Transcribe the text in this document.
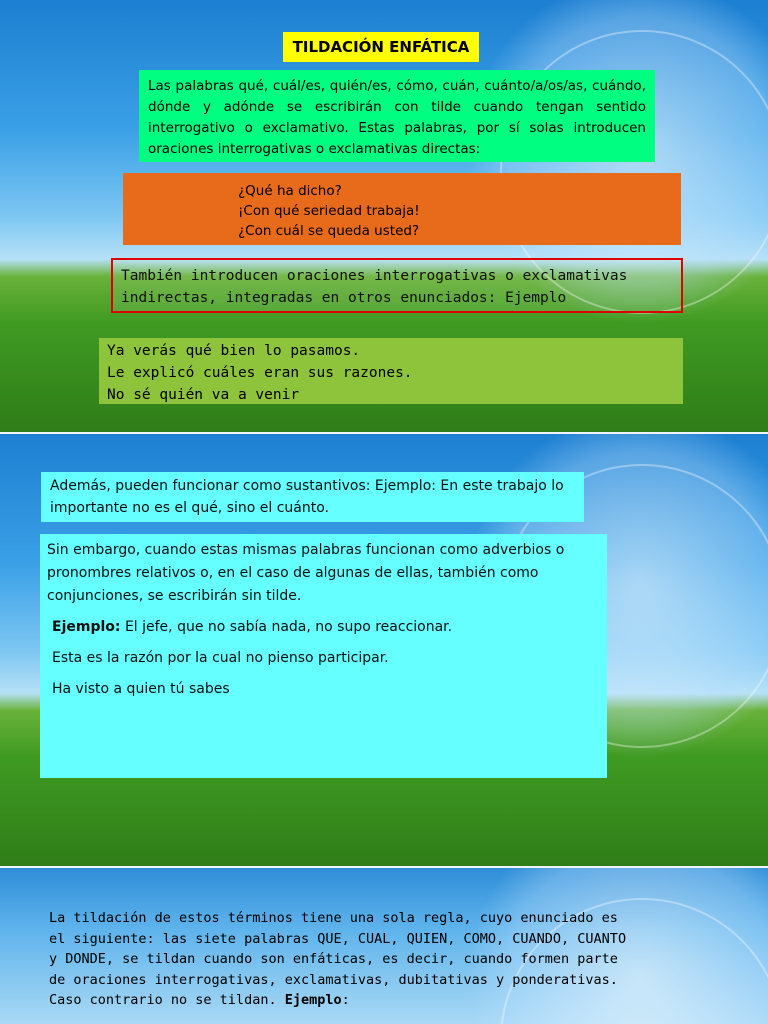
TILDACIÓN ENFÁTICA
Las palabras qué, cuál/es, quién/es, cómo, cuán, cuánto/a/os/as, cuándo, dónde y adónde se escribirán con tilde cuando tengan sentido interrogativo o exclamativo. Estas palabras, por sí solas introducen oraciones interrogativas o exclamativas directas:
¿Qué ha dicho?
¡Con qué seriedad trabaja!
¿Con cuál se queda usted?
También introducen oraciones interrogativas o exclamativas indirectas, integradas en otros enunciados: Ejemplo
Ya verás qué bien lo pasamos.
Le explicó cuáles eran sus razones.
No sé quién va a venir
Además, pueden funcionar como sustantivos: Ejemplo: En este trabajo lo importante no es el qué, sino el cuánto.

Sin embargo, cuando estas mismas palabras funcionan como adverbios o pronombres relativos o, en el caso de algunas de ellas, también como conjunciones, se escribirán sin tilde.

Ejemplo: El jefe, que no sabía nada, no supo reaccionar.

Esta es la razón por la cual no pienso participar.

Ha visto a quien tú sabes

La tildación de estos términos tiene una sola regla, cuyo enunciado es el siguiente: las siete palabras QUE, CUAL, QUIEN, COMO, CUANDO, CUANTO y DONDE, se tildan cuando son enfáticas, es decir, cuando formen parte de oraciones interrogativas, exclamativas, dubitativas y ponderativas. Caso contrario no se tildan. Ejemplo:
